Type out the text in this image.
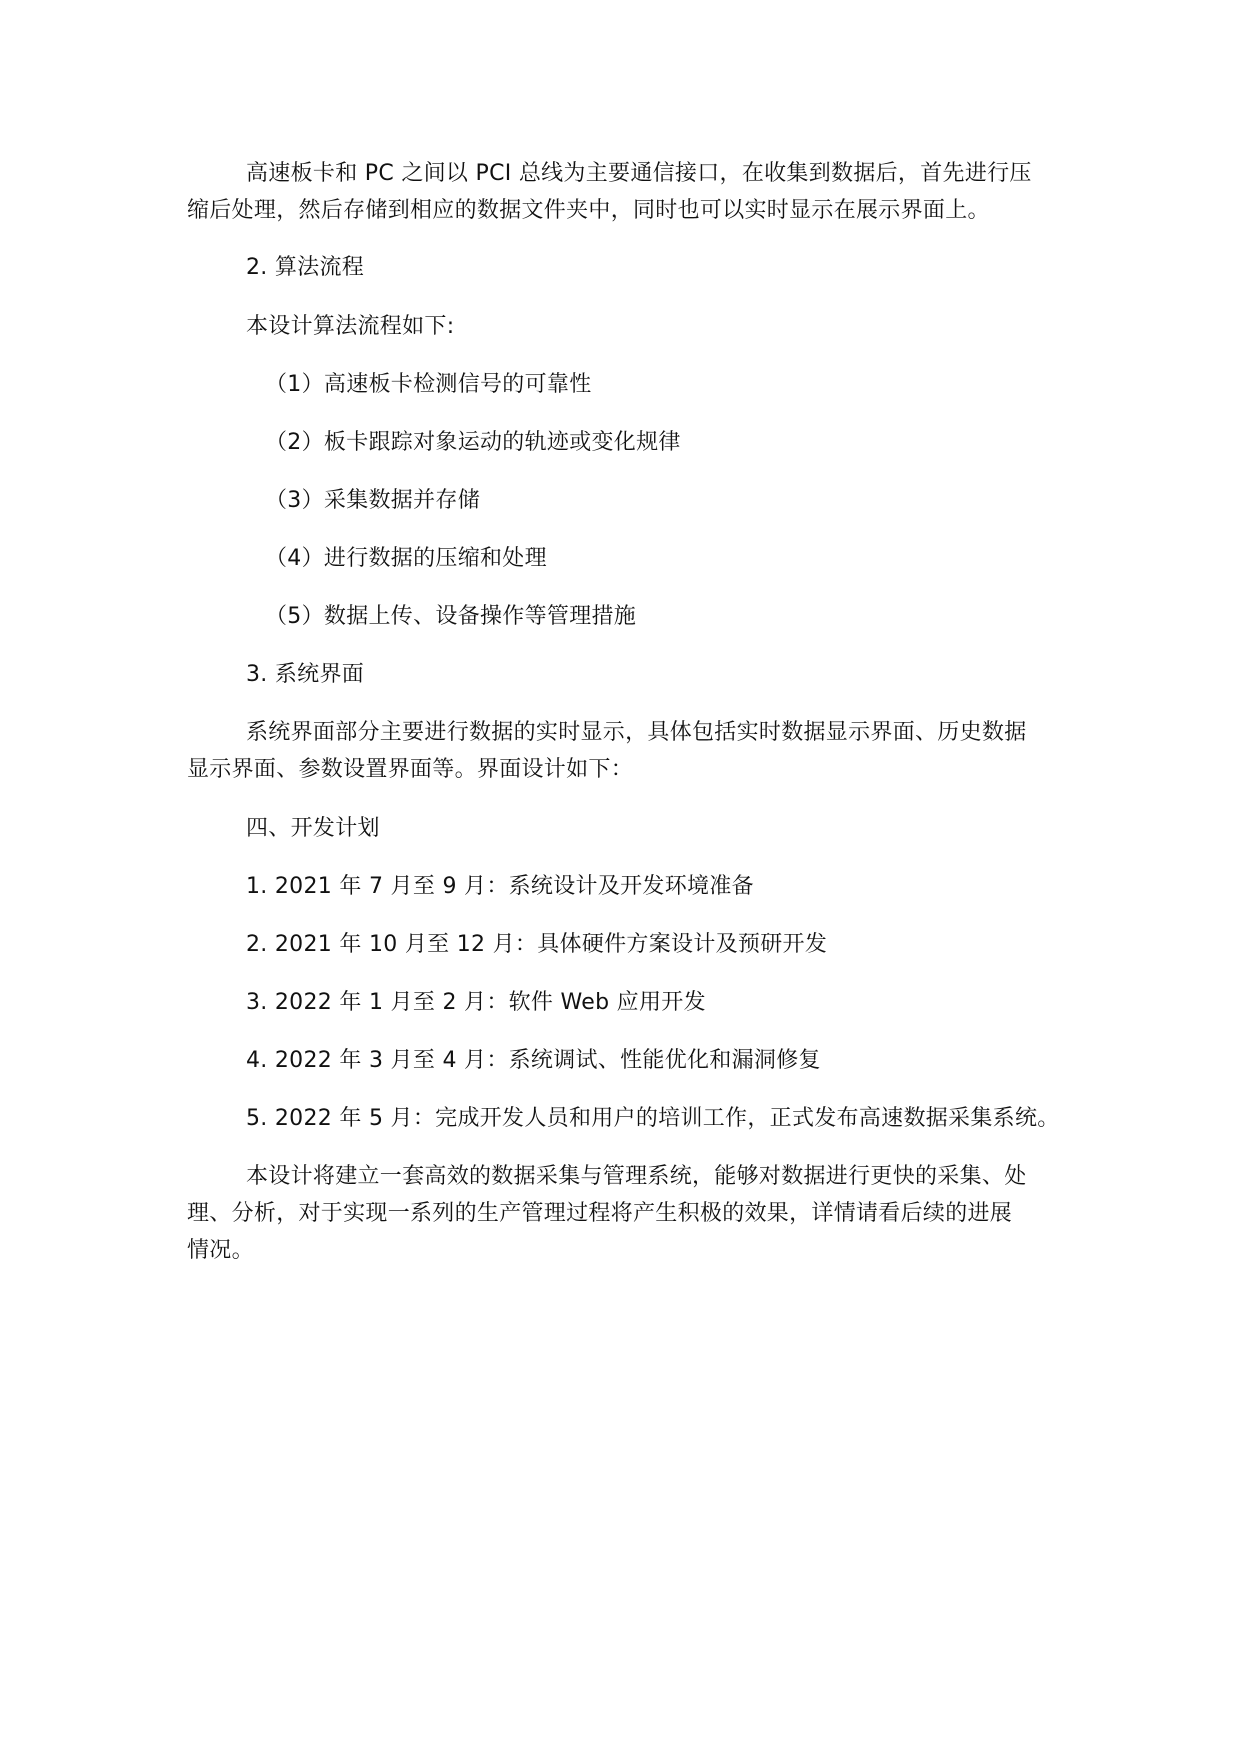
高速板卡和 PC 之间以 PCI 总线为主要通信接口，在收集到数据后，首先进行压
缩后处理，然后存储到相应的数据文件夹中，同时也可以实时显示在展示界面上。
2. 算法流程
本设计算法流程如下:
（1）高速板卡检测信号的可靠性
（2）板卡跟踪对象运动的轨迹或变化规律
（3）采集数据并存储
（4）进行数据的压缩和处理
（5）数据上传、设备操作等管理措施
3. 系统界面
系统界面部分主要进行数据的实时显示，具体包括实时数据显示界面、历史数据
显示界面、参数设置界面等。界面设计如下：
四、开发计划
1. 2021 年 7 月至 9 月：系统设计及开发环境准备
2. 2021 年 10 月至 12 月：具体硬件方案设计及预研开发
3. 2022 年 1 月至 2 月：软件 Web 应用开发
4. 2022 年 3 月至 4 月：系统调试、性能优化和漏洞修复
5. 2022 年 5 月：完成开发人员和用户的培训工作，正式发布高速数据采集系统。
本设计将建立一套高效的数据采集与管理系统，能够对数据进行更快的采集、处
理、分析，对于实现一系列的生产管理过程将产生积极的效果，详情请看后续的进展
情况。
